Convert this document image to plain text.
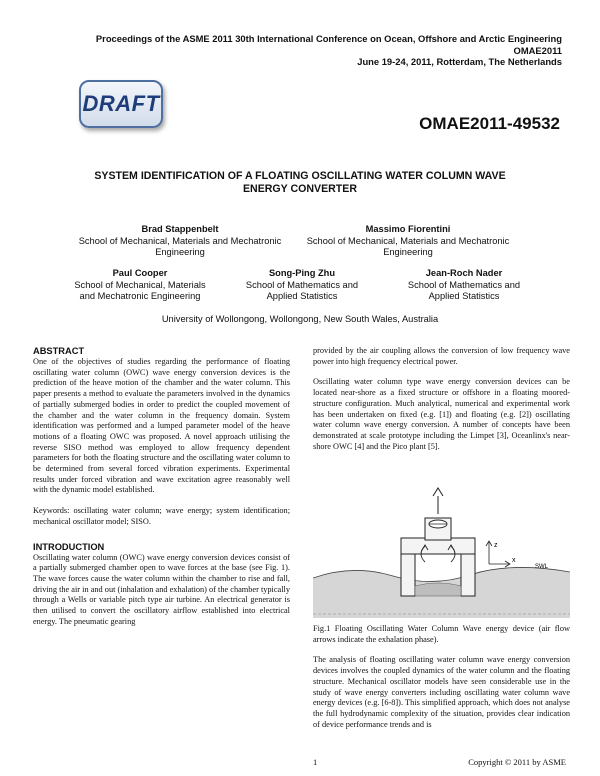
Proceedings of the ASME 2011 30th International Conference on Ocean, Offshore and Arctic Engineering
OMAE2011
June 19-24, 2011, Rotterdam, The Netherlands
DRAFT
OMAE2011-49532
SYSTEM IDENTIFICATION OF A FLOATING OSCILLATING WATER COLUMN WAVE
ENERGY CONVERTER
Brad Stappenbelt
School of Mechanical, Materials and Mechatronic
Engineering
Massimo Fiorentini
School of Mechanical, Materials and Mechatronic
Engineering
Paul Cooper
School of Mechanical, Materials
and Mechatronic Engineering
Song-Ping Zhu
School of Mathematics and
Applied Statistics
Jean-Roch Nader
School of Mathematics and
Applied Statistics
University of Wollongong, Wollongong, New South Wales, Australia
ABSTRACT

One of the objectives of studies regarding the performance of floating oscillating water column (OWC) wave energy conversion devices is the prediction of the heave motion of the chamber and the water column. This paper presents a method to evaluate the parameters involved in the dynamics of partially submerged bodies in order to predict the coupled movement of the chamber and the water column in the frequency domain. System identification was performed and a lumped parameter model of the heave motions of a floating OWC was proposed. A novel approach utilising the reverse SISO method was employed to allow frequency dependent parameters for both the floating structure and the oscillating water column to be determined from several forced vibration experiments. Experimental results under forced vibration and wave excitation agree reasonably well with the dynamic model established.

Keywords: oscillating water column; wave energy; system identification; mechanical oscillator model; SISO.

INTRODUCTION

Oscillating water column (OWC) wave energy conversion devices consist of a partially submerged chamber open to wave forces at the base (see Fig. 1). The wave forces cause the water column within the chamber to rise and fall, driving the air in and out (inhalation and exhalation) of the chamber typically through a Wells or variable pitch type air turbine. An electrical generator is then utilised to convert the oscillatory airflow established into electrical energy. The pneumatic gearing

provided by the air coupling allows the conversion of low frequency wave power into high frequency electrical power.

Oscillating water column type wave energy conversion devices can be located near-shore as a fixed structure or offshore in a floating moored-structure configuration. Much analytical, numerical and experimental work has been undertaken on fixed (e.g. [1]) and floating (e.g. [2]) oscillating water column wave energy conversion. A number of concepts have been demonstrated at scale prototype including the Limpet [3], Oceanlinx's near-shore OWC [4] and the Pico plant [5].

z
x
SWL

Fig.1 Floating Oscillating Water Column Wave energy device (air flow arrows indicate the exhalation phase).

The analysis of floating oscillating water column wave energy conversion devices involves the coupled dynamics of the water column and the floating structure. Mechanical oscillator models have seen considerable use in the study of wave energy converters including oscillating water column wave energy devices (e.g. [6-8]). This simplified approach, which does not analyse the full hydrodynamic complexity of the situation, provides clear indication of device performance trends and is

1	Copyright © 2011 by ASME
